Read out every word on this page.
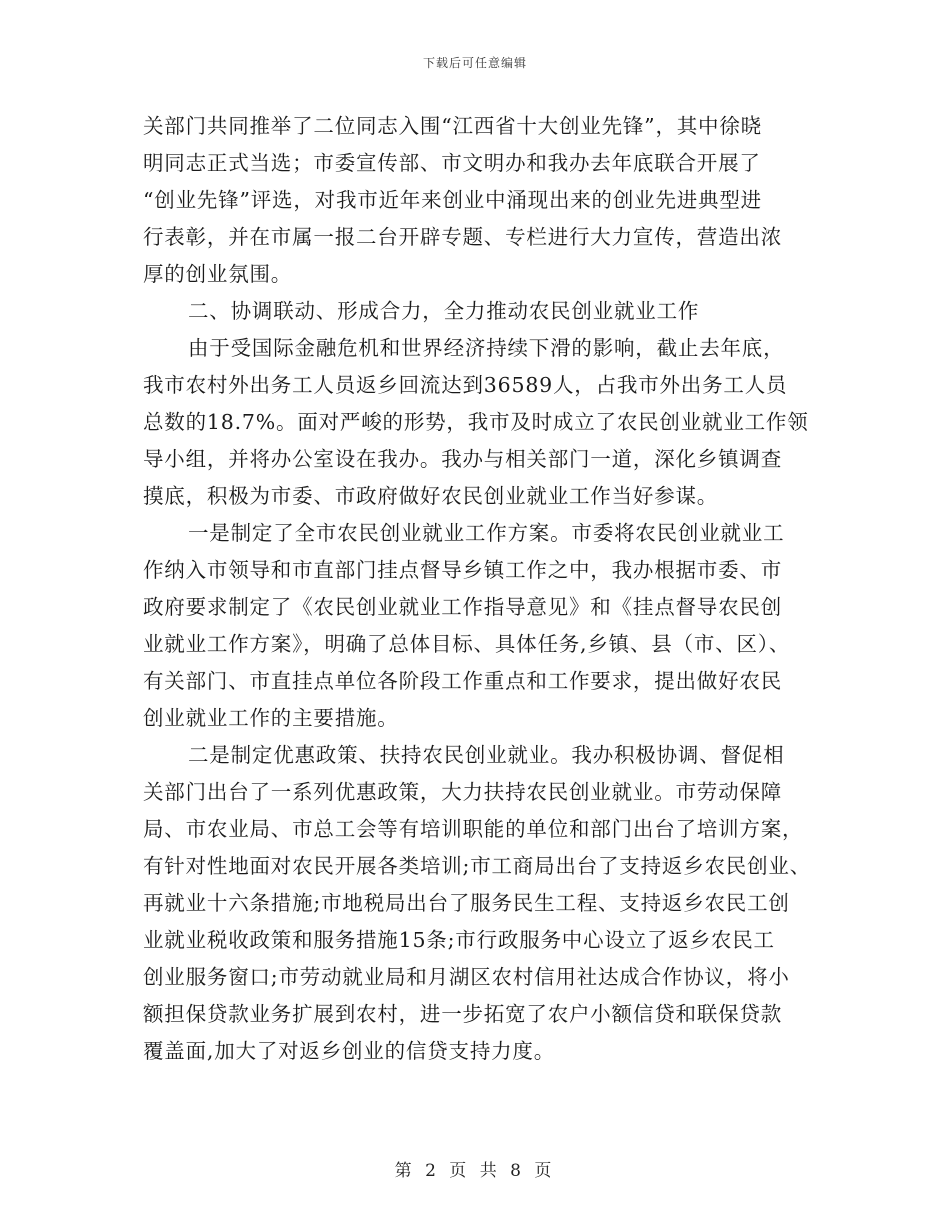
下载后可任意编辑
关部门共同推举了二位同志入围“江西省十大创业先锋”，其中徐晓
明同志正式当选；市委宣传部、市文明办和我办去年底联合开展了
“创业先锋”评选，对我市近年来创业中涌现出来的创业先进典型进
行表彰，并在市属一报二台开辟专题、专栏进行大力宣传，营造出浓
厚的创业氛围。
二、协调联动、形成合力，全力推动农民创业就业工作
由于受国际金融危机和世界经济持续下滑的影响，截止去年底，
我市农村外出务工人员返乡回流达到36589人，占我市外出务工人员
总数的18.7%。面对严峻的形势，我市及时成立了农民创业就业工作领
导小组，并将办公室设在我办。我办与相关部门一道，深化乡镇调查
摸底，积极为市委、市政府做好农民创业就业工作当好参谋。
一是制定了全市农民创业就业工作方案。市委将农民创业就业工
作纳入市领导和市直部门挂点督导乡镇工作之中，我办根据市委、市
政府要求制定了《农民创业就业工作指导意见》和《挂点督导农民创
业就业工作方案》，明确了总体目标、具体任务,乡镇、县（市、区）、
有关部门、市直挂点单位各阶段工作重点和工作要求，提出做好农民
创业就业工作的主要措施。
二是制定优惠政策、扶持农民创业就业。我办积极协调、督促相
关部门出台了一系列优惠政策，大力扶持农民创业就业。市劳动保障
局、市农业局、市总工会等有培训职能的单位和部门出台了培训方案，
有针对性地面对农民开展各类培训;市工商局出台了支持返乡农民创业、
再就业十六条措施;市地税局出台了服务民生工程、支持返乡农民工创
业就业税收政策和服务措施15条;市行政服务中心设立了返乡农民工
创业服务窗口;市劳动就业局和月湖区农村信用社达成合作协议，将小
额担保贷款业务扩展到农村，进一步拓宽了农户小额信贷和联保贷款
覆盖面,加大了对返乡创业的信贷支持力度。
第 2 页 共 8 页
